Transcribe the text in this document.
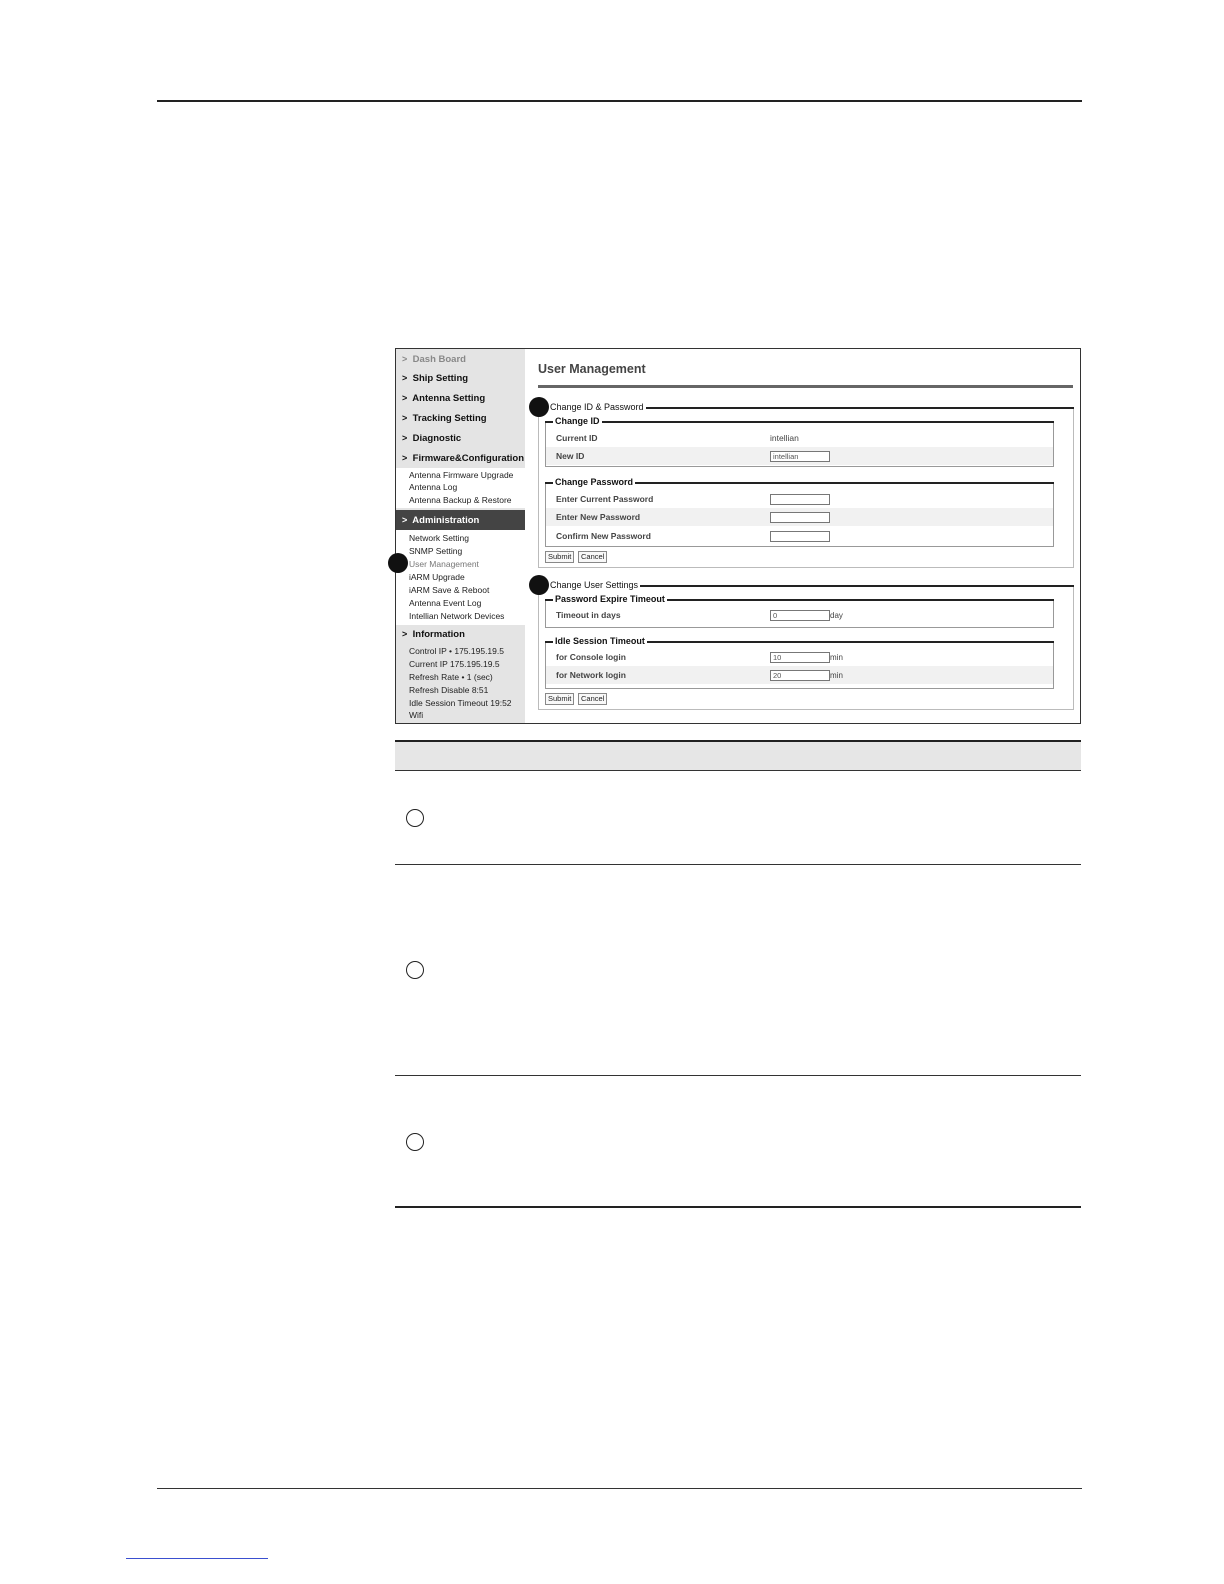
> Dash Board
> Ship Setting
> Antenna Setting
> Tracking Setting
> Diagnostic
> Firmware&Configuration
Antenna Firmware Upgrade
Antenna Log
Antenna Backup & Restore
> Administration
Network Setting
SNMP Setting
User Management
iARM Upgrade
iARM Save & Reboot
Antenna Event Log
Intellian Network Devices
> Information
Control IP • 175.195.19.5
Current IP 175.195.19.5
Refresh Rate • 1 (sec)
Refresh Disable 8:51
Idle Session Timeout 19:52
Wifi
User Management
Change ID & Password
Current ID	intellian
New ID	intellian
Change ID
Enter Current Password
Enter New Password
Confirm New Password
Change Password
Submit	Cancel
Change User Settings
Timeout in days	0	day
Password Expire Timeout
for Console login	10	min
for Network login	20	min
Idle Session Timeout
Submit	Cancel
